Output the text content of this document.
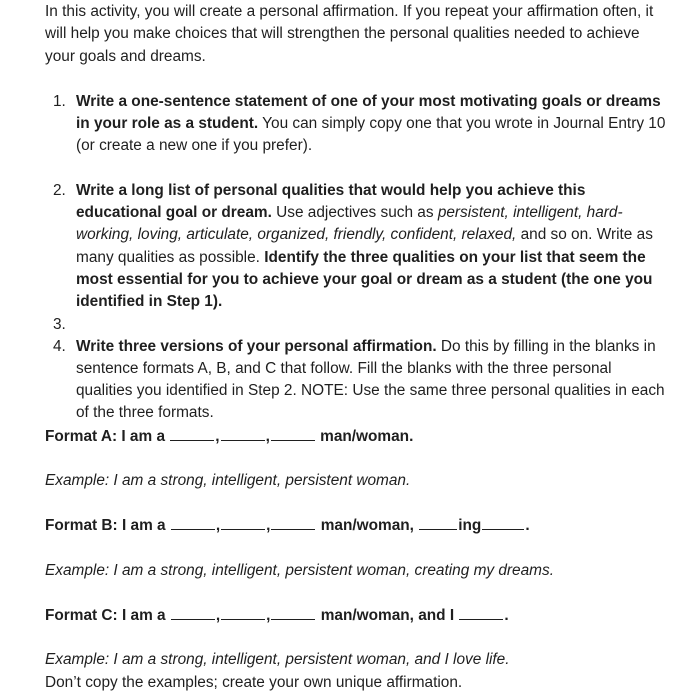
In this activity, you will create a personal affirmation. If you repeat your affirmation often, it will help you make choices that will strengthen the personal qualities needed to achieve your goals and dreams.

1. Write a one-sentence statement of one of your most motivating goals or dreams in your role as a student. You can simply copy one that you wrote in Journal Entry 10 (or create a new one if you prefer).
2. Write a long list of personal qualities that would help you achieve this educational goal or dream. Use adjectives such as persistent, intelligent, hard-working, loving, articulate, organized, friendly, confident, relaxed, and so on. Write as many qualities as possible. Identify the three qualities on your list that seem the most essential for you to achieve your goal or dream as a student (the one you identified in Step 1).
3.
4. Write three versions of your personal affirmation. Do this by filling in the blanks in sentence formats A, B, and C that follow. Fill the blanks with the three personal qualities you identified in Step 2. NOTE: Use the same three personal qualities in each of the three formats.

Format A: I am a	,	,	man/woman.

Example: I am a strong, intelligent, persistent woman.

Format B: I am a	,	,	man/woman,	ing	.

Example: I am a strong, intelligent, persistent woman, creating my dreams.

Format C: I am a	,	,	man/woman, and I	.

Example: I am a strong, intelligent, persistent woman, and I love life.

Don’t copy the examples; create your own unique affirmation.
